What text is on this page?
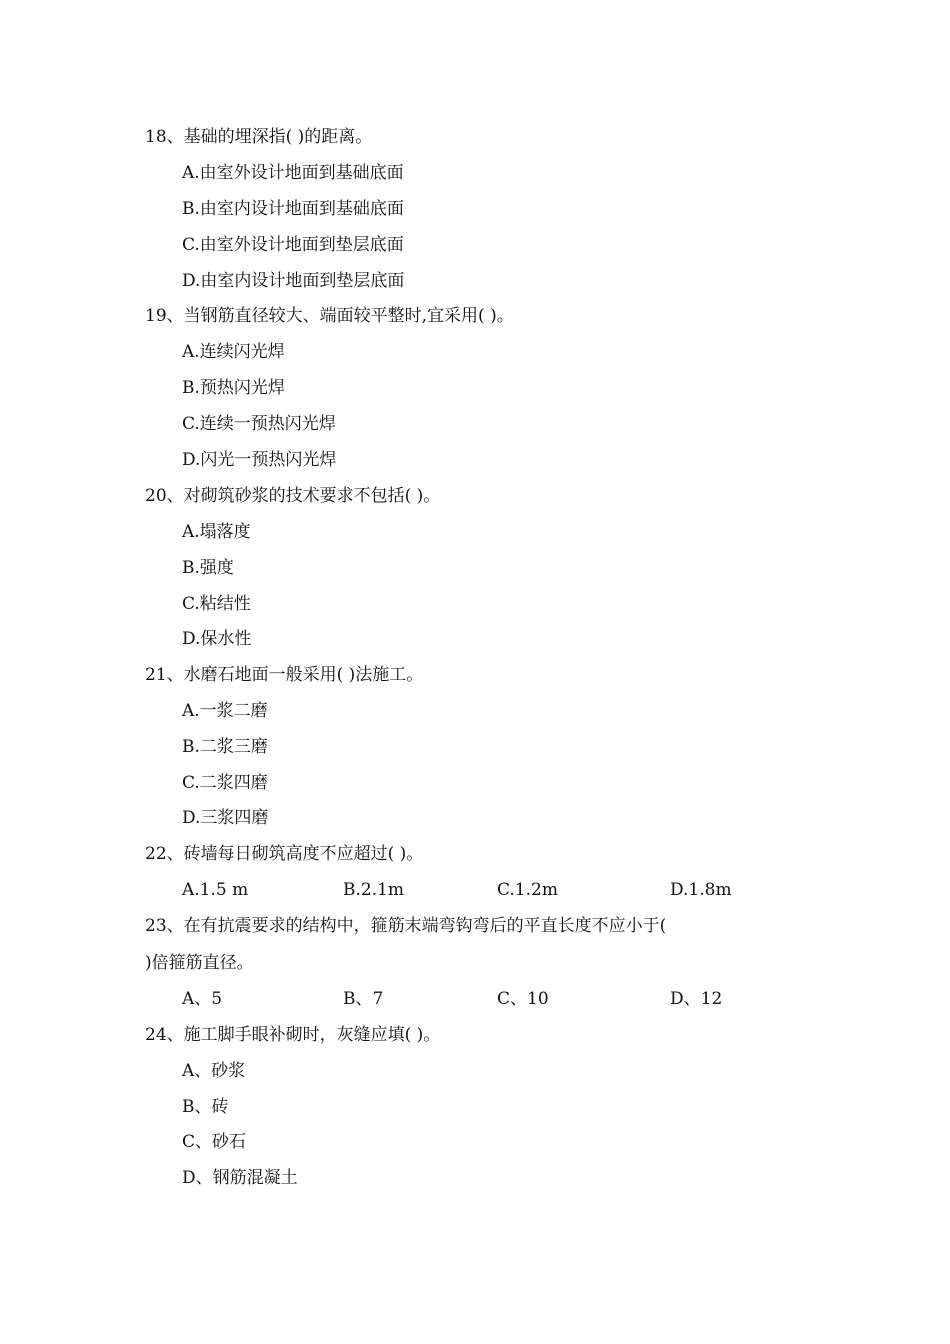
18、基础的埋深指( )的距离。
A.由室外设计地面到基础底面
B.由室内设计地面到基础底面
C.由室外设计地面到垫层底面
D.由室内设计地面到垫层底面
19、当钢筋直径较大、端面较平整时,宜采用( )。
A.连续闪光焊
B.预热闪光焊
C.连续一预热闪光焊
D.闪光一预热闪光焊
20、对砌筑砂浆的技术要求不包括( )。
A.塌落度
B.强度
C.粘结性
D.保水性
21、水磨石地面一般采用( )法施工。
A.一浆二磨
B.二浆三磨
C.二浆四磨
D.三浆四磨
22、砖墙每日砌筑高度不应超过( )。
A.1.5 m	B.2.1m	C.1.2m	D.1.8m
23、在有抗震要求的结构中，箍筋末端弯钩弯后的平直长度不应小于(
)倍箍筋直径。
A、5	B、7	C、10	D、12
24、施工脚手眼补砌时，灰缝应填( )。
A、砂浆
B、砖
C、砂石
D、钢筋混凝土
